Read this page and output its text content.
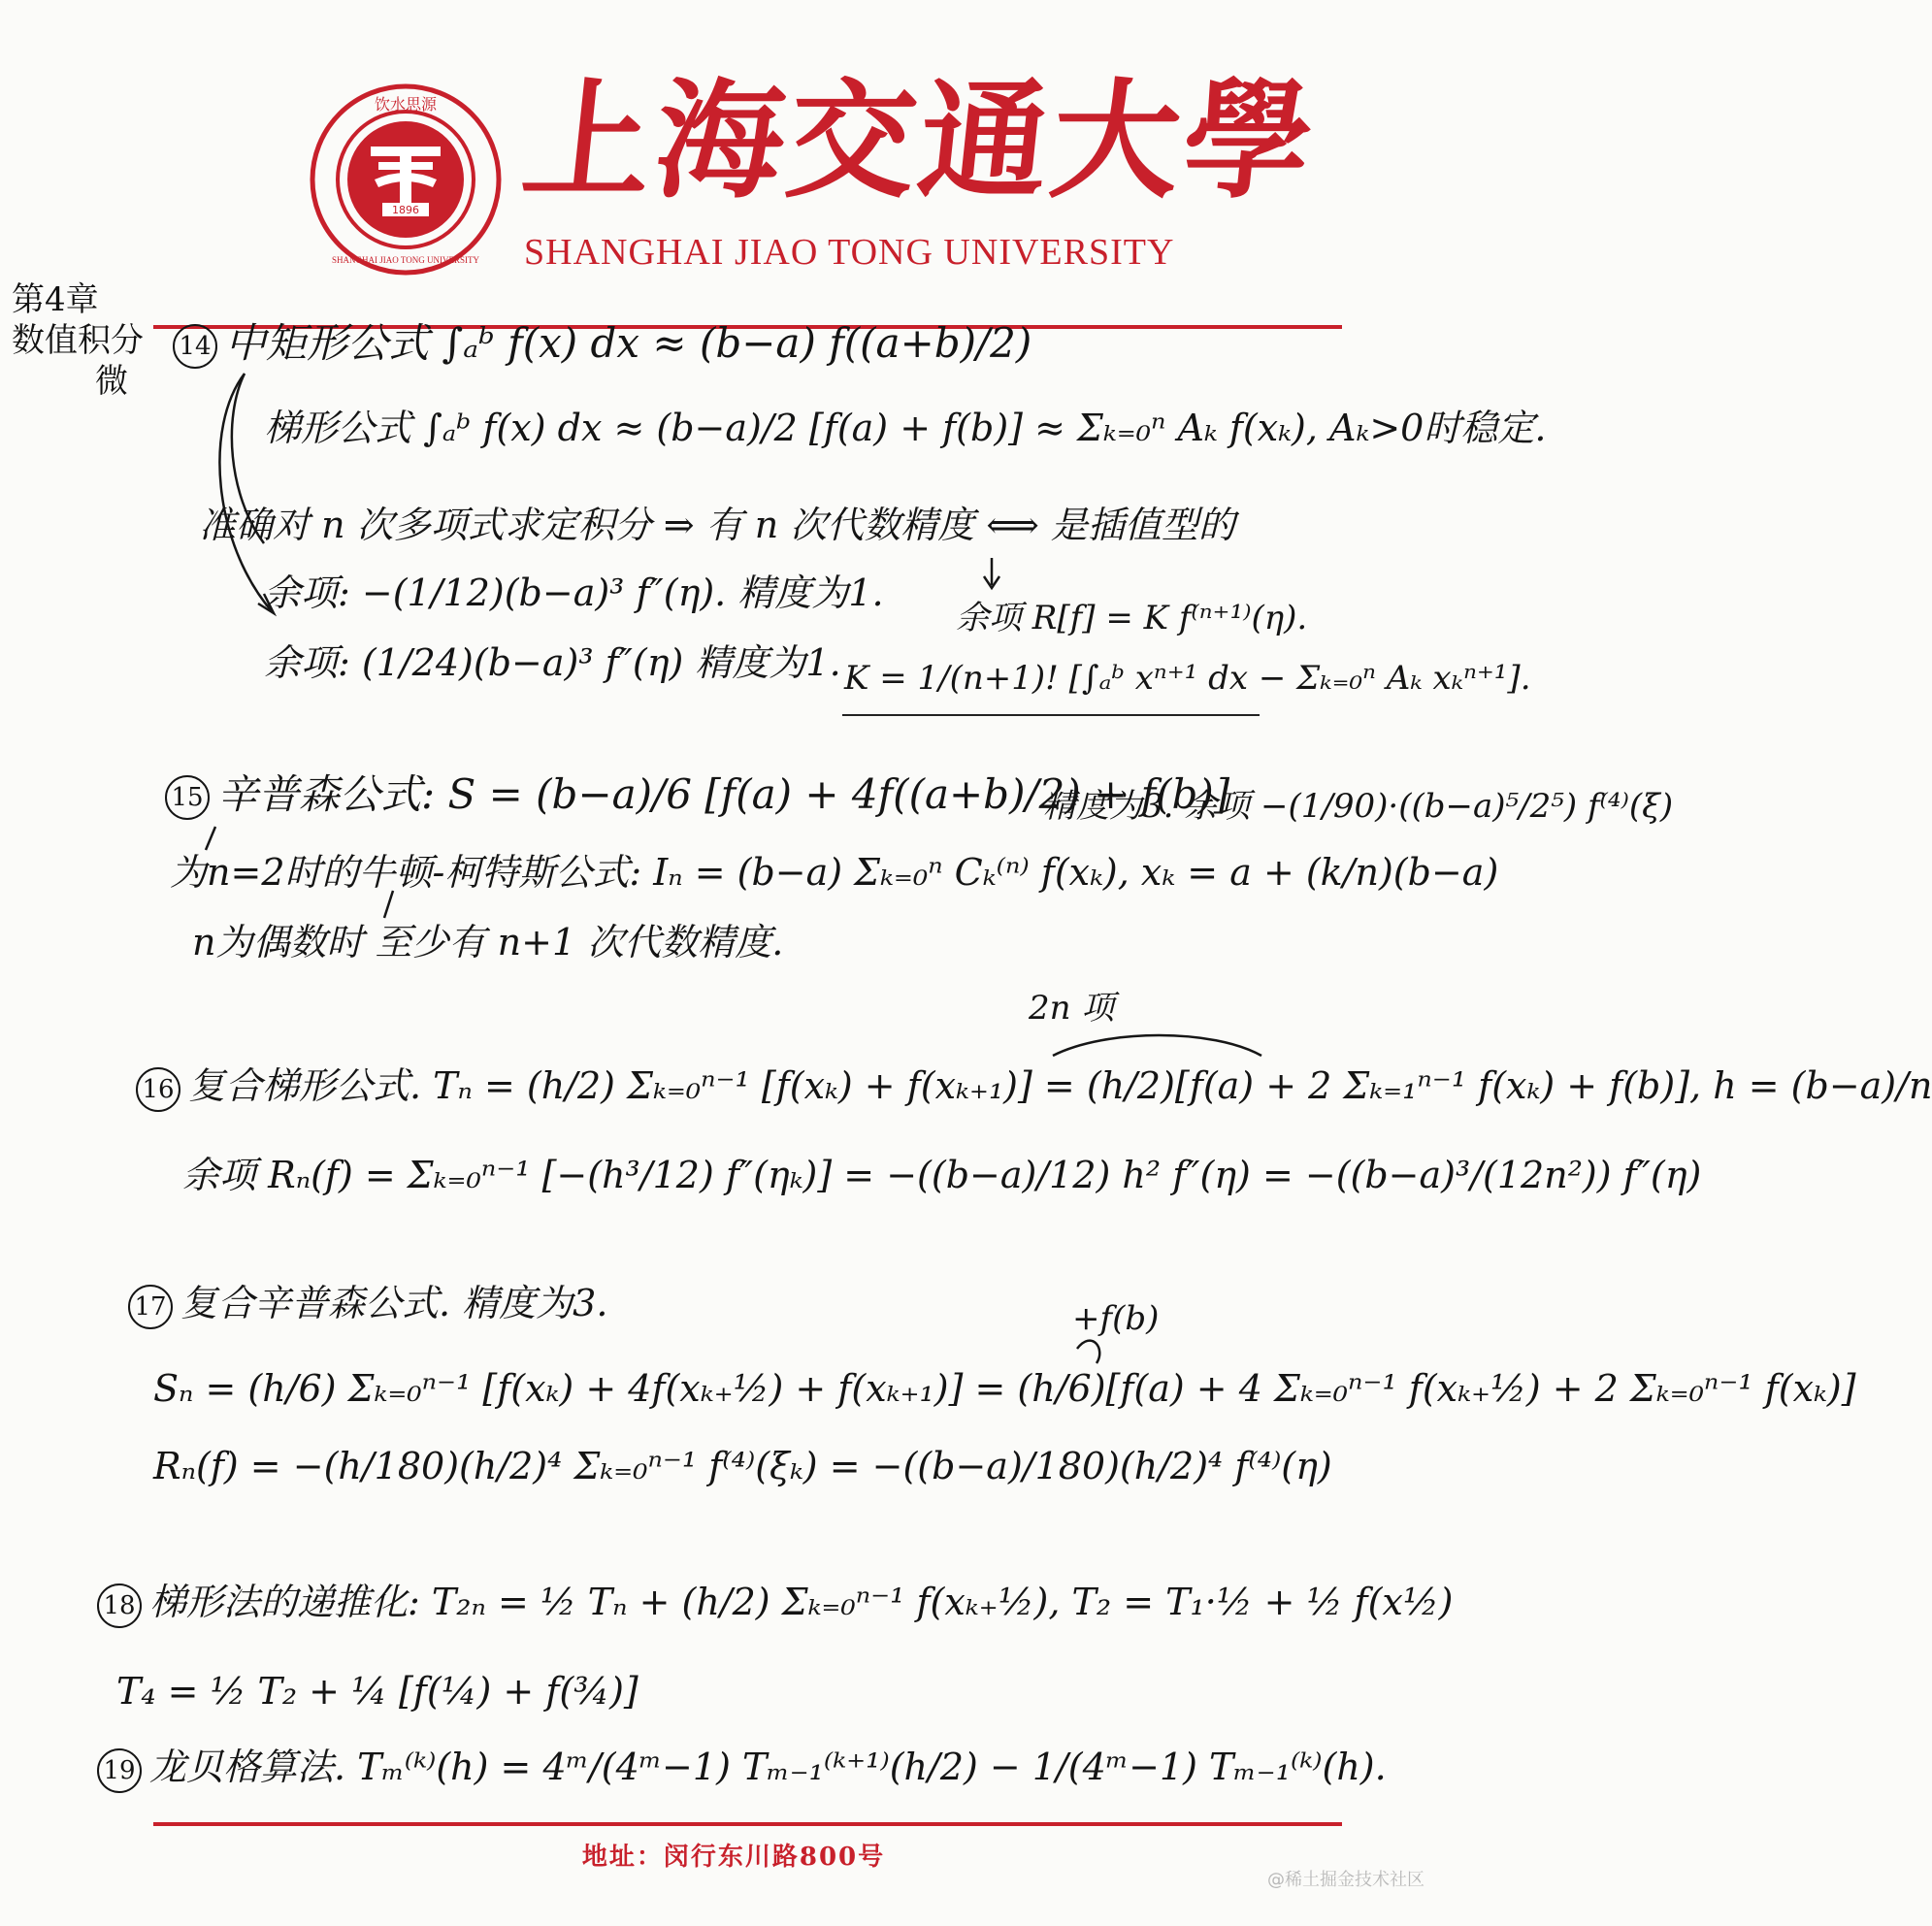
1896
饮水思源
SHANGHAI JIAO TONG UNIVERSITY
上海交通大學
SHANGHAI JIAO TONG UNIVERSITY
第4章
数值积分
微
14 中矩形公式 ∫ₐᵇ f(x) dx ≈ (b−a) f((a+b)/2)
梯形公式 ∫ₐᵇ f(x) dx ≈ (b−a)/2 [f(a) + f(b)] ≈ Σₖ₌₀ⁿ Aₖ f(xₖ), Aₖ>0时稳定.
准确对 n 次多项式求定积分 ⇒ 有 n 次代数精度 ⟺ 是插值型的
余项: −(1/12)(b−a)³ f″(η). 精度为1.
余项: (1/24)(b−a)³ f″(η) 精度为1.
余项 R[f] = K f⁽ⁿ⁺¹⁾(η).
K = 1/(n+1)! [∫ₐᵇ xⁿ⁺¹ dx − Σₖ₌₀ⁿ Aₖ xₖⁿ⁺¹].
15 辛普森公式: S = (b−a)/6 [f(a) + 4f((a+b)/2) + f(b)]
精度为3. 余项 −(1/90)·((b−a)⁵/2⁵) f⁽⁴⁾(ξ)
为n=2时的牛顿-柯特斯公式: Iₙ = (b−a) Σₖ₌₀ⁿ Cₖ⁽ⁿ⁾ f(xₖ), xₖ = a + (k/n)(b−a)
n为偶数时 至少有 n+1 次代数精度.
2n 项
16 复合梯形公式. Tₙ = (h/2) Σₖ₌₀ⁿ⁻¹ [f(xₖ) + f(xₖ₊₁)] = (h/2)[f(a) + 2 Σₖ₌₁ⁿ⁻¹ f(xₖ) + f(b)], h = (b−a)/n
余项 Rₙ(f) = Σₖ₌₀ⁿ⁻¹ [−(h³/12) f″(ηₖ)] = −((b−a)/12) h² f″(η) = −((b−a)³/(12n²)) f″(η)
17 复合辛普森公式. 精度为3.	+f(b)
Sₙ = (h/6) Σₖ₌₀ⁿ⁻¹ [f(xₖ) + 4f(xₖ₊½) + f(xₖ₊₁)] = (h/6)[f(a) + 4 Σₖ₌₀ⁿ⁻¹ f(xₖ₊½) + 2 Σₖ₌₀ⁿ⁻¹ f(xₖ)]
Rₙ(f) = −(h/180)(h/2)⁴ Σₖ₌₀ⁿ⁻¹ f⁽⁴⁾(ξₖ) = −((b−a)/180)(h/2)⁴ f⁽⁴⁾(η)
18 梯形法的递推化: T₂ₙ = ½ Tₙ + (h/2) Σₖ₌₀ⁿ⁻¹ f(xₖ₊½), T₂ = T₁·½ + ½ f(x½)
T₄ = ½ T₂ + ¼ [f(¼) + f(¾)]
19 龙贝格算法. Tₘ⁽ᵏ⁾(h) = 4ᵐ/(4ᵐ−1) Tₘ₋₁⁽ᵏ⁺¹⁾(h/2) − 1/(4ᵐ−1) Tₘ₋₁⁽ᵏ⁾(h).
地址：闵行东川路800号
@稀土掘金技术社区
